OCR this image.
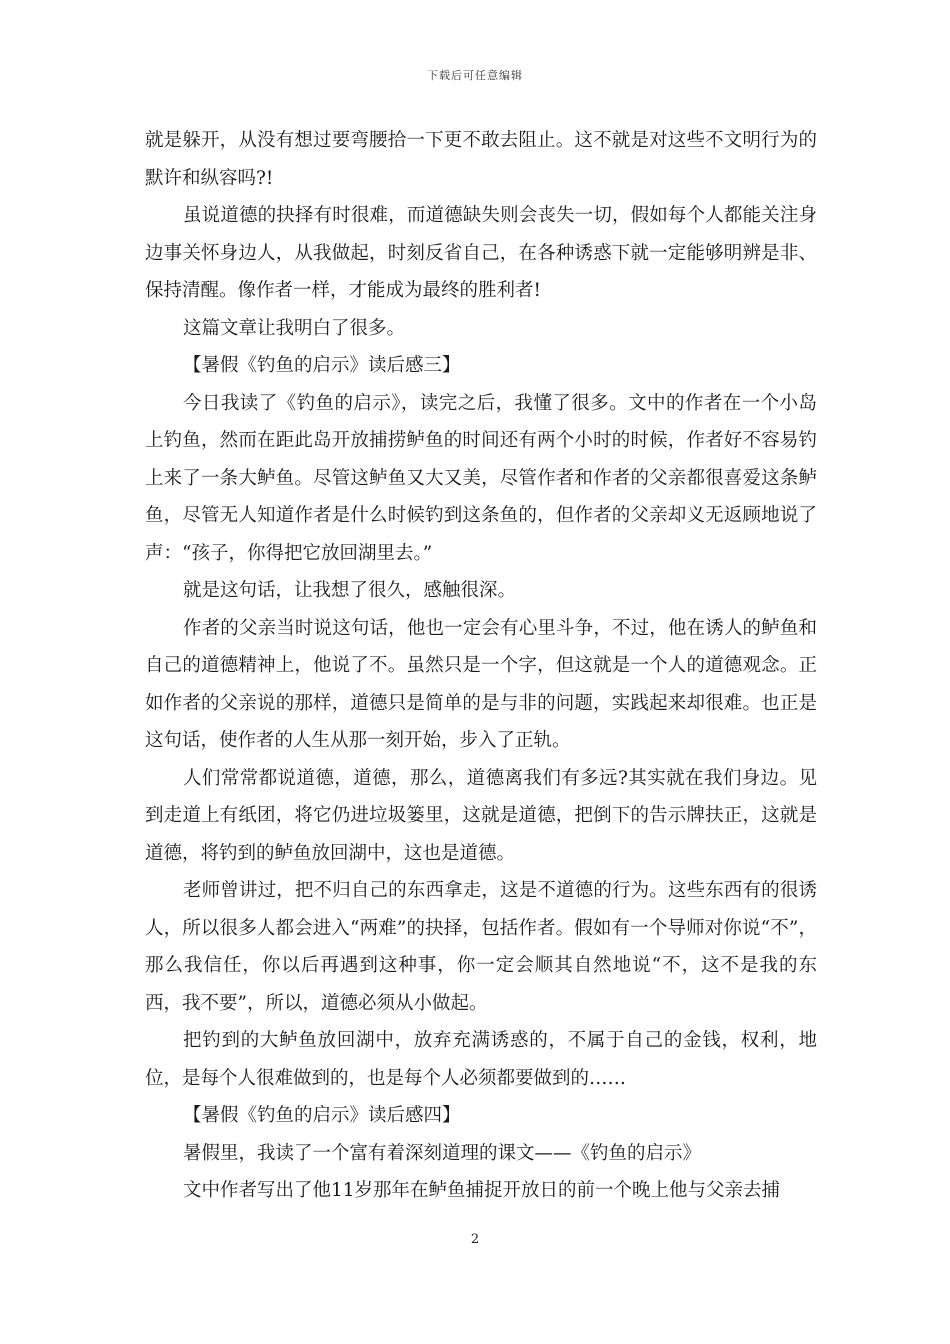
下载后可任意编辑

就是躲开，从没有想过要弯腰拾一下更不敢去阻止。这不就是对这些不文明行为的默许和纵容吗?!

虽说道德的抉择有时很难，而道德缺失则会丧失一切，假如每个人都能关注身边事关怀身边人，从我做起，时刻反省自己，在各种诱惑下就一定能够明辨是非、保持清醒。像作者一样，才能成为最终的胜利者!

这篇文章让我明白了很多。

【暑假《钓鱼的启示》读后感三】

今日我读了《钓鱼的启示》，读完之后，我懂了很多。文中的作者在一个小岛上钓鱼，然而在距此岛开放捕捞鲈鱼的时间还有两个小时的时候，作者好不容易钓上来了一条大鲈鱼。尽管这鲈鱼又大又美，尽管作者和作者的父亲都很喜爱这条鲈鱼，尽管无人知道作者是什么时候钓到这条鱼的，但作者的父亲却义无返顾地说了声：“孩子，你得把它放回湖里去。”

就是这句话，让我想了很久，感触很深。

作者的父亲当时说这句话，他也一定会有心里斗争，不过，他在诱人的鲈鱼和自己的道德精神上，他说了不。虽然只是一个字，但这就是一个人的道德观念。正如作者的父亲说的那样，道德只是简单的是与非的问题，实践起来却很难。也正是这句话，使作者的人生从那一刻开始，步入了正轨。

人们常常都说道德，道德，那么，道德离我们有多远?其实就在我们身边。见到走道上有纸团，将它仍进垃圾篓里，这就是道德，把倒下的告示牌扶正，这就是道德，将钓到的鲈鱼放回湖中，这也是道德。

老师曾讲过，把不归自己的东西拿走，这是不道德的行为。这些东西有的很诱人，所以很多人都会进入“两难”的抉择，包括作者。假如有一个导师对你说“不”，那么我信任，你以后再遇到这种事，你一定会顺其自然地说“不，这不是我的东西，我不要”，所以，道德必须从小做起。

把钓到的大鲈鱼放回湖中，放弃充满诱惑的，不属于自己的金钱，权利，地位，是每个人很难做到的，也是每个人必须都要做到的……

【暑假《钓鱼的启示》读后感四】

暑假里，我读了一个富有着深刻道理的课文——《钓鱼的启示》

文中作者写出了他11岁那年在鲈鱼捕捉开放日的前一个晚上他与父亲去捕

2
